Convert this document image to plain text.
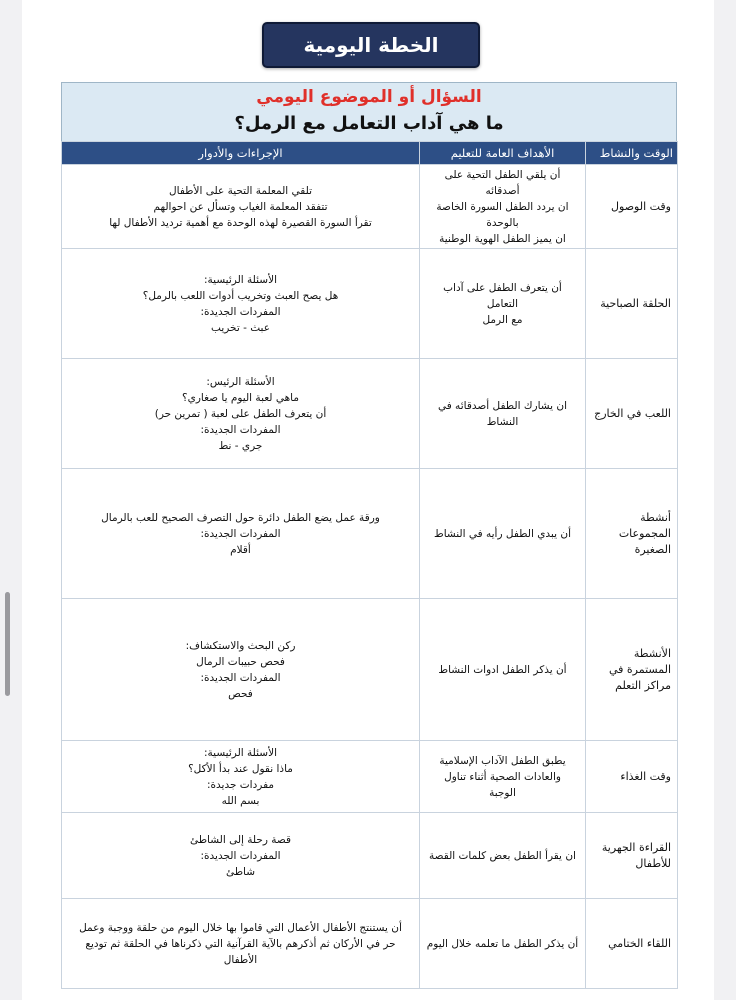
الخطة اليومية
السؤال أو الموضوع اليومي
ما هي آداب التعامل مع الرمل؟
الوقت والنشاط	الأهداف العامة للتعليم	الإجراءات والأدوار
وقت الوصول	أن يلقي الطفل التحية على أصدقائه
ان يردد الطفل السورة الخاصة
بالوحدة
ان يميز الطفل الهوية الوطنية	تلقي المعلمة التحية على الأطفال
تتفقد المعلمة الغياب وتسأل عن احوالهم
تقرأ السورة القصيرة لهذه الوحدة مع أهمية ترديد الأطفال لها

الحلقة الصباحية	أن يتعرف الطفل على آداب التعامل
مع الرمل	الأسئلة الرئيسية:
هل يصح العبث وتخريب أدوات اللعب بالرمل؟
المفردات الجديدة:
عبث - تخريب

اللعب في الخارج	ان يشارك الطفل أصدقائه في
النشاط	الأسئلة الرئيس:
ماهي لعبة اليوم يا صغاري؟
أن يتعرف الطفل على لعبة ( تمرين حر)
المفردات الجديدة:
جري - نط

أنشطة المجموعات الصغيرة	أن يبدي الطفل رأيه في النشاط	ورقة عمل يضع الطفل دائرة حول التصرف الصحيح للعب بالرمال
المفردات الجديدة:
أقلام

الأنشطة المستمرة في مراكز التعلم	أن يذكر الطفل ادوات النشاط	ركن البحث والاستكشاف:
فحص حبيبات الرمال
المفردات الجديدة:
فحص

وقت الغذاء	يطبق الطفل الآداب الإسلامية
والعادات الصحية أثناء تناول
الوجبة	الأسئلة الرئيسية:
ماذا نقول عند بدأ الأكل؟
مفردات جديدة:
بسم الله

القراءة الجهرية للأطفال	ان يقرأ الطفل بعض كلمات القصة	قصة رحلة إلى الشاطئ
المفردات الجديدة:
شاطئ

اللقاء الختامي	أن يذكر الطفل ما تعلمه خلال اليوم	أن يستنتج الأطفال الأعمال التي قاموا بها خلال اليوم من حلقة ووجبة وعمل
حر في الأركان ثم أذكرهم بالآية القرآنية التي ذكرناها في الحلقة ثم توديع
الأطفال
